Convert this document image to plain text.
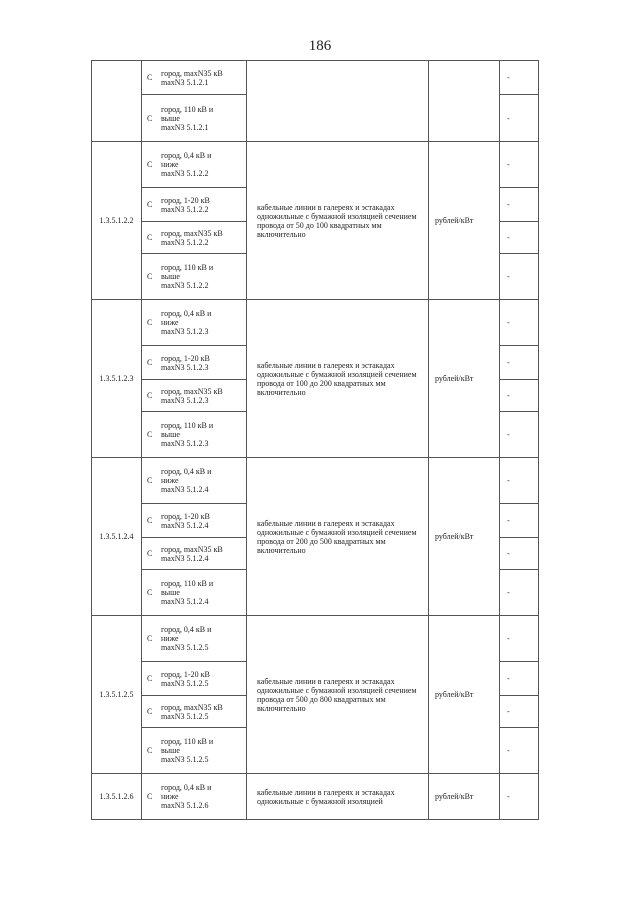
186
	С город, maxN35 кВ
maxN3 5.1.2.1			-
	Сгород, 110 кВ и
выше
maxN3 5.1.2.1			-
1.3.5.1.2.2	Сгород, 0,4 кВ и
ниже
maxN3 5.1.2.2	кабельные линии в галереях и эстакадах одножильные с бумажной изоляцией сечением провода от 50 до 100 квадратных мм включительно	рублей/кВт	-
	С город, 1-20 кВ
maxN3 5.1.2.2			-
	С город, maxN35 кВ
maxN3 5.1.2.2			-
	Сгород, 110 кВ и
выше
maxN3 5.1.2.2			-
1.3.5.1.2.3	Сгород, 0,4 кВ и
ниже
maxN3 5.1.2.3	кабельные линии в галереях и эстакадах одножильные с бумажной изоляцией сечением провода от 100 до 200 квадратных мм включительно	рублей/кВт	-
	С город, 1-20 кВ
maxN3 5.1.2.3			-
	С город, maxN35 кВ
maxN3 5.1.2.3			-
	Сгород, 110 кВ и
выше
maxN3 5.1.2.3			-
1.3.5.1.2.4	Сгород, 0,4 кВ и
ниже
maxN3 5.1.2.4	кабельные линии в галереях и эстакадах одножильные с бумажной изоляцией сечением провода от 200 до 500 квадратных мм включительно	рублей/кВт	-
	С город, 1-20 кВ
maxN3 5.1.2.4			-
	С город, maxN35 кВ
maxN3 5.1.2.4			-
	Сгород, 110 кВ и
выше
maxN3 5.1.2.4			-
1.3.5.1.2.5	Сгород, 0,4 кВ и
ниже
maxN3 5.1.2.5	кабельные линии в галереях и эстакадах одножильные с бумажной изоляцией сечением провода от 500 до 800 квадратных мм включительно	рублей/кВт	-
	С город, 1-20 кВ
maxN3 5.1.2.5			-
	С город, maxN35 кВ
maxN3 5.1.2.5			-
	Сгород, 110 кВ и
выше
maxN3 5.1.2.5			-
1.3.5.1.2.6	Сгород, 0,4 кВ и
ниже
maxN3 5.1.2.6	кабельные линии в галереях и эстакадах одножильные с бумажной изоляцией	рублей/кВт	-
